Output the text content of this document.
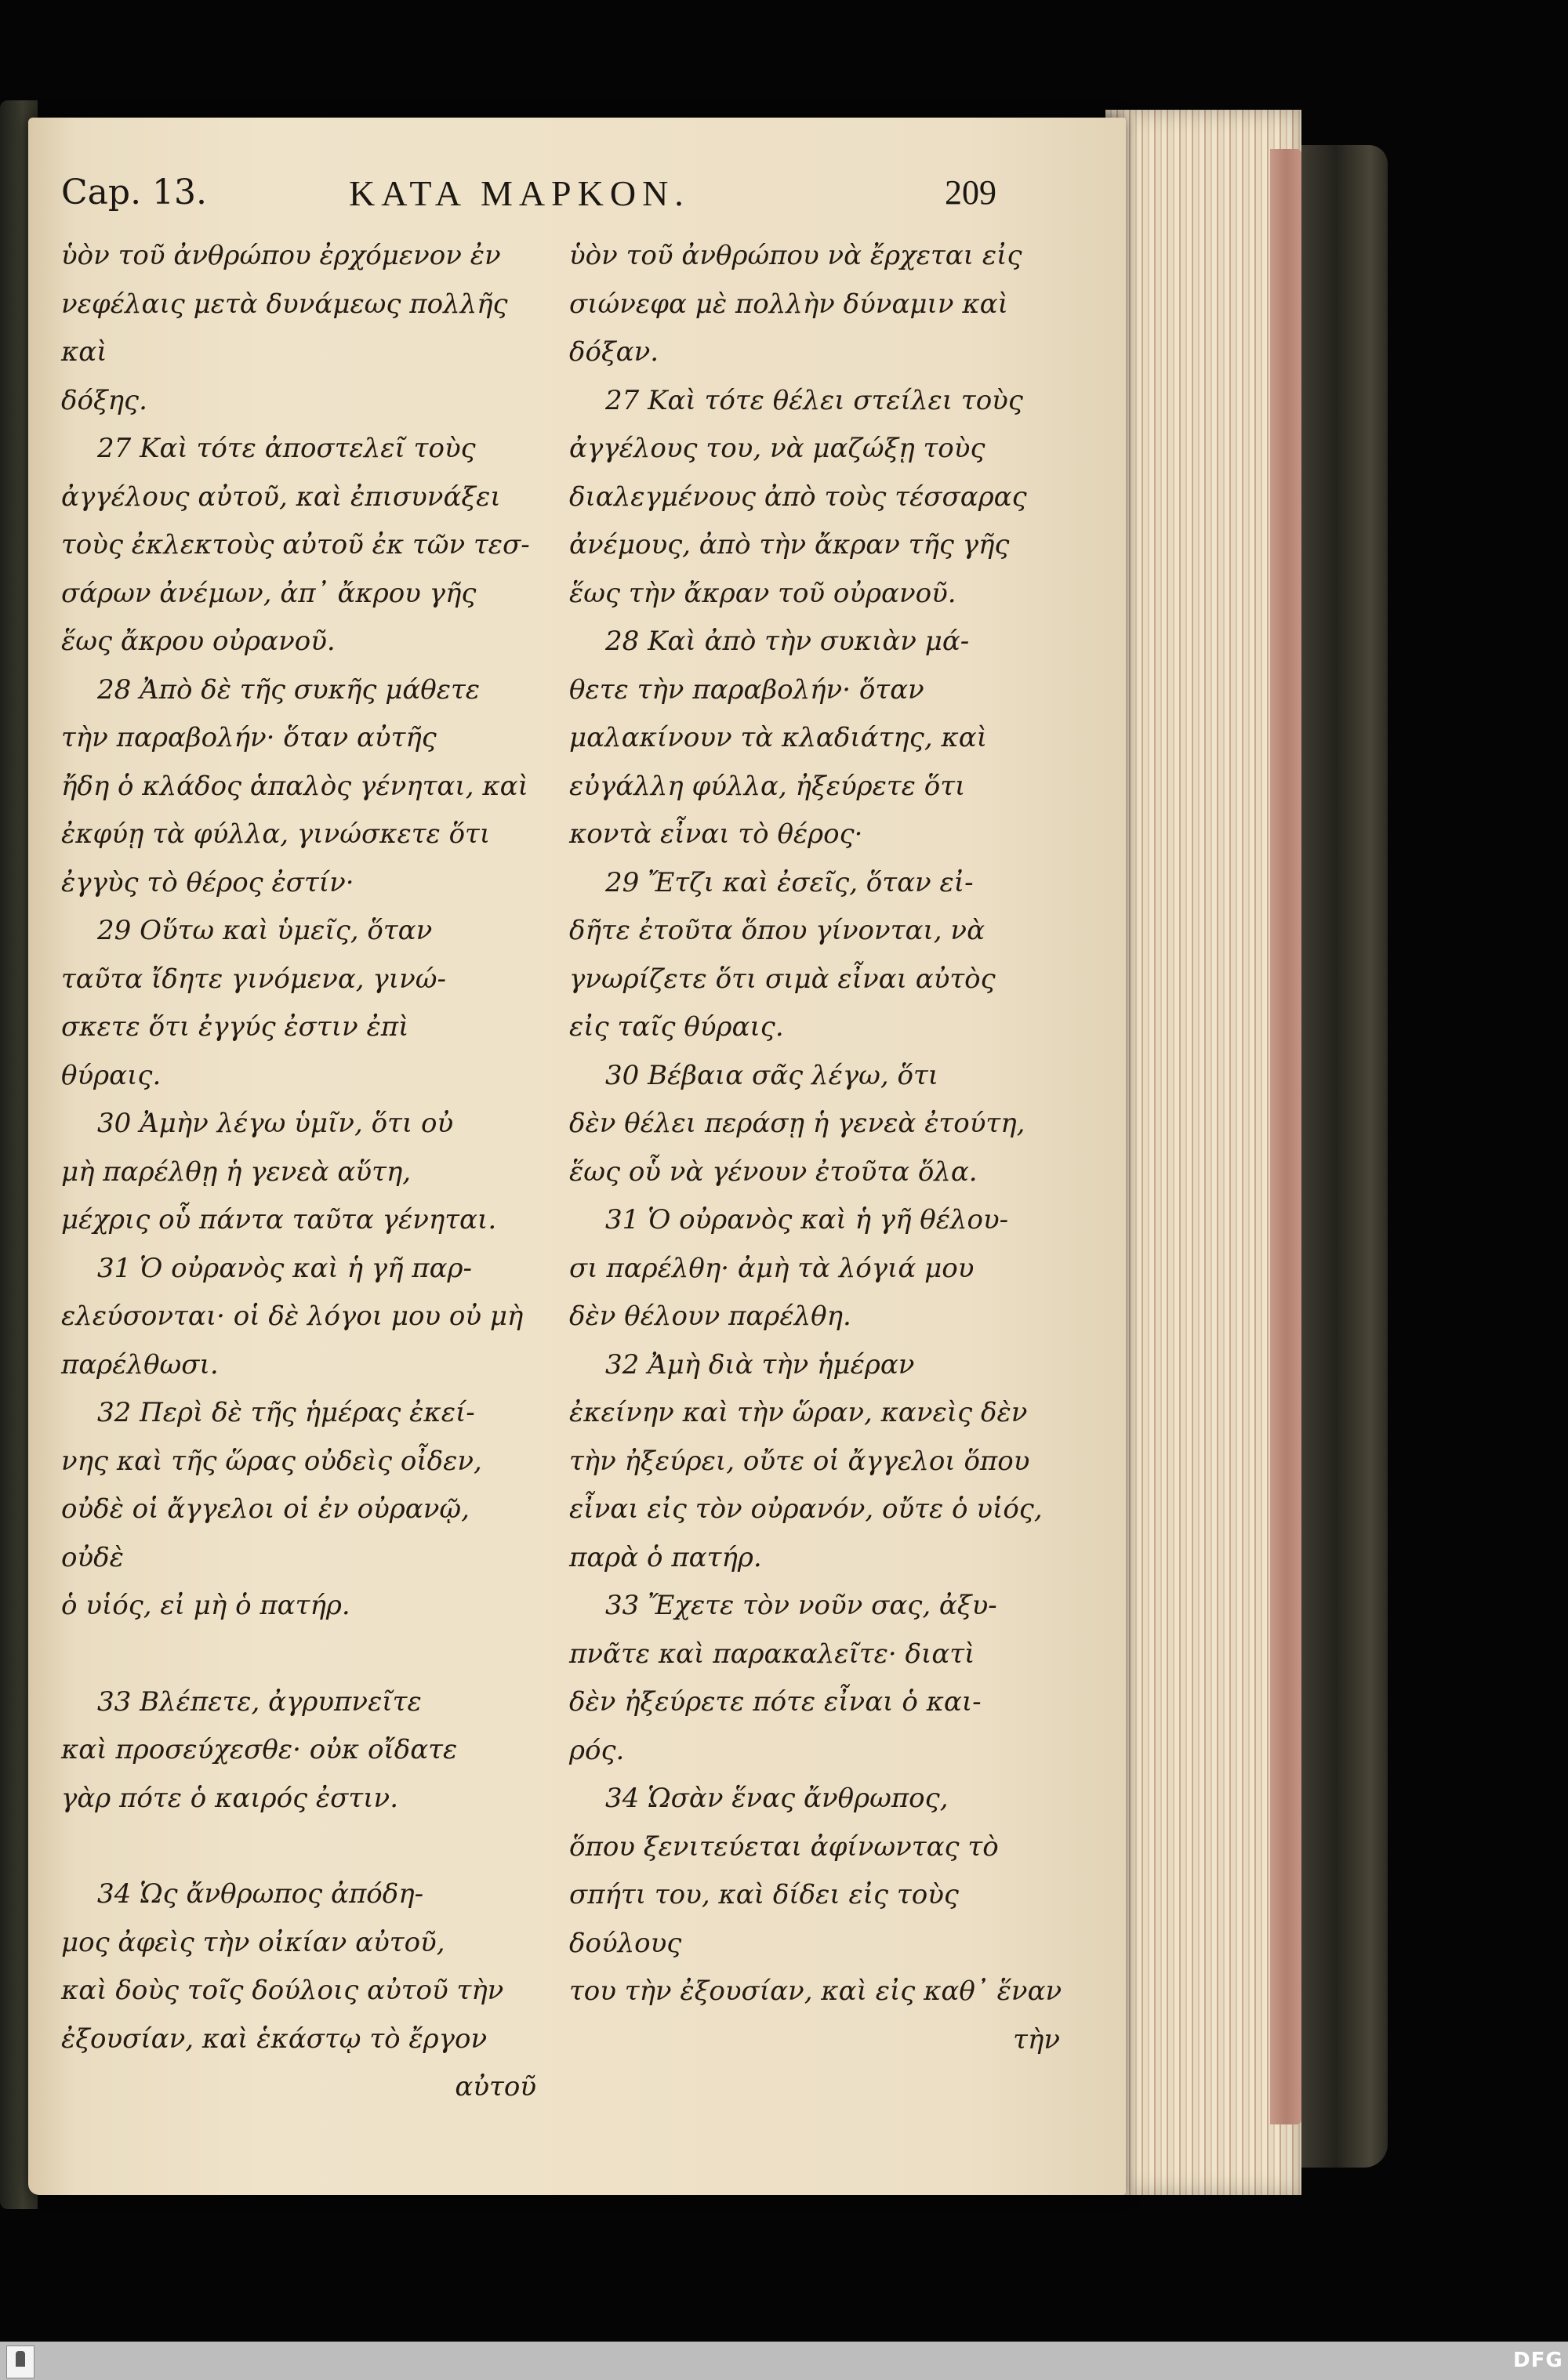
Cap. 13.	KATA MAPKON.	209

ὑὸν τοῦ ἀνθρώπου ἐρχόμενον ἐν

νεφέλαις μετὰ δυνάμεως πολλῆς καὶ

δόξης.

27 Καὶ τότε ἀποστελεῖ τοὺς

ἀγγέλους αὐτοῦ, καὶ ἐπισυνάξει

τοὺς ἐκλεκτοὺς αὐτοῦ ἐκ τῶν τεσ-

σάρων ἀνέμων, ἀπ᾽ ἄκρου γῆς

ἕως ἄκρου οὐρανοῦ.

28 Ἀπὸ δὲ τῆς συκῆς μάθετε

τὴν παραβολήν· ὅταν αὐτῆς

ἤδη ὁ κλάδος ἁπαλὸς γένηται, καὶ

ἐκφύῃ τὰ φύλλα, γινώσκετε ὅτι

ἐγγὺς τὸ θέρος ἐστίν·

29 Οὕτω καὶ ὑμεῖς, ὅταν

ταῦτα ἴδητε γινόμενα, γινώ-

σκετε ὅτι ἐγγύς ἐστιν ἐπὶ

θύραις.

30 Ἀμὴν λέγω ὑμῖν, ὅτι οὐ

μὴ παρέλθῃ ἡ γενεὰ αὕτη,

μέχρις οὗ πάντα ταῦτα γένηται.

31 Ὁ οὐρανὸς καὶ ἡ γῆ παρ-

ελεύσονται· οἱ δὲ λόγοι μου οὐ μὴ

παρέλθωσι.

32 Περὶ δὲ τῆς ἡμέρας ἐκεί-

νης καὶ τῆς ὥρας οὐδεὶς οἶδεν,

οὐδὲ οἱ ἄγγελοι οἱ ἐν οὐρανῷ, οὐδὲ

ὁ υἱός, εἰ μὴ ὁ πατήρ.

33 Βλέπετε, ἀγρυπνεῖτε

καὶ προσεύχεσθε· οὐκ οἴδατε

γὰρ πότε ὁ καιρός ἐστιν.

34 Ὡς ἄνθρωπος ἀπόδη-

μος ἀφεὶς τὴν οἰκίαν αὐτοῦ,

καὶ δοὺς τοῖς δούλοις αὐτοῦ τὴν

ἐξουσίαν, καὶ ἑκάστῳ τὸ ἔργον

αὐτοῦ

ὑὸν τοῦ ἀνθρώπου νὰ ἔρχεται εἰς

σιώνεφα μὲ πολλὴν δύναμιν καὶ

δόξαν.

27 Καὶ τότε θέλει στείλει τοὺς

ἀγγέλους του, νὰ μαζώξῃ τοὺς

διαλεγμένους ἀπὸ τοὺς τέσσαρας

ἀνέμους, ἀπὸ τὴν ἄκραν τῆς γῆς

ἕως τὴν ἄκραν τοῦ οὐρανοῦ.

28 Καὶ ἀπὸ τὴν συκιὰν μά-

θετε τὴν παραβολήν· ὅταν

μαλακίνουν τὰ κλαδιάτης, καὶ

εὐγάλλη φύλλα, ἠξεύρετε ὅτι

κοντὰ εἶναι τὸ θέρος·

29 Ἔτζι καὶ ἐσεῖς, ὅταν εἰ-

δῆτε ἐτοῦτα ὅπου γίνονται, νὰ

γνωρίζετε ὅτι σιμὰ εἶναι αὐτὸς

εἰς ταῖς θύραις.

30 Βέβαια σᾶς λέγω, ὅτι

δὲν θέλει περάσῃ ἡ γενεὰ ἐτούτη,

ἕως οὗ νὰ γένουν ἐτοῦτα ὅλα.

31 Ὁ οὐρανὸς καὶ ἡ γῆ θέλου-

σι παρέλθη· ἀμὴ τὰ λόγιά μου

δὲν θέλουν παρέλθη.

32 Ἀμὴ διὰ τὴν ἡμέραν

ἐκείνην καὶ τὴν ὥραν, κανεὶς δὲν

τὴν ἠξεύρει, οὔτε οἱ ἄγγελοι ὅπου

εἶναι εἰς τὸν οὐρανόν, οὔτε ὁ υἱός,

παρὰ ὁ πατήρ.

33 Ἔχετε τὸν νοῦν σας, ἀξυ-

πνᾶτε καὶ παρακαλεῖτε· διατὶ

δὲν ἠξεύρετε πότε εἶναι ὁ και-

ρός.

34 Ὡσὰν ἕνας ἄνθρωπος,

ὅπου ξενιτεύεται ἀφίνωντας τὸ

σπήτι του, καὶ δίδει εἰς τοὺς δούλους

του τὴν ἐξουσίαν, καὶ εἰς καθ᾽ ἕναν

τὴν

DFG
